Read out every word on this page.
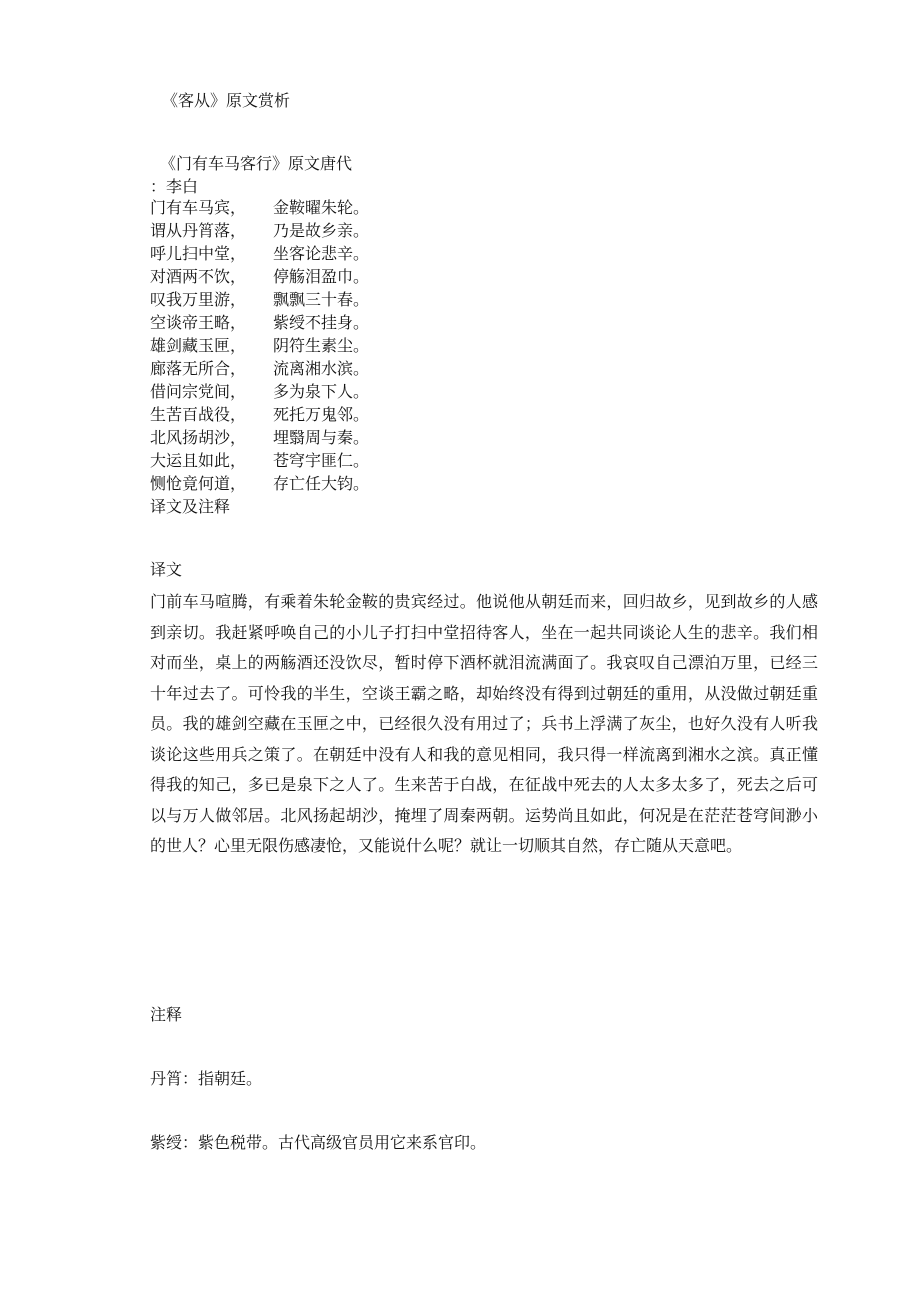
《客从》原文赏析
《门有车马客行》原文唐代
：李白
门有车马宾， 金鞍曜朱轮。
谓从丹筲落， 乃是故乡亲。
呼儿扫中堂， 坐客论悲辛。
对酒两不饮， 停觞泪盈巾。
叹我万里游， 飘飘三十春。
空谈帝王略， 紫绶不挂身。
雄剑藏玉匣， 阴符生素尘。
廊落无所合， 流离湘水滨。
借问宗党间， 多为泉下人。
生苦百战役， 死托万鬼邻。
北风扬胡沙， 埋翳周与秦。
大运且如此， 苍穹宇匪仁。
恻怆竟何道， 存亡任大钧。
译文及注释
译文

门前车马喧腾，有乘着朱轮金鞍的贵宾经过。他说他从朝廷而来，回归故乡，见到故乡的人感到亲切。我赶紧呼唤自己的小儿子打扫中堂招待客人，坐在一起共同谈论人生的悲辛。我们相对而坐，桌上的两觞酒还没饮尽，暂时停下酒杯就泪流满面了。我哀叹自己漂泊万里，已经三十年过去了。可怜我的半生，空谈王霸之略，却始终没有得到过朝廷的重用，从没做过朝廷重员。我的雄剑空藏在玉匣之中，已经很久没有用过了；兵书上浮满了灰尘，也好久没有人听我谈论这些用兵之策了。在朝廷中没有人和我的意见相同，我只得一样流离到湘水之滨。真正懂得我的知己，多已是泉下之人了。生来苦于白战，在征战中死去的人太多太多了，死去之后可以与万人做邻居。北风扬起胡沙，掩埋了周秦两朝。运势尚且如此，何况是在茫茫苍穹间渺小的世人？心里无限伤感凄怆，又能说什么呢？就让一切顺其自然，存亡随从天意吧。

注释
丹筲：指朝廷。
紫绶：紫色税带。古代高级官员用它来系官印。
